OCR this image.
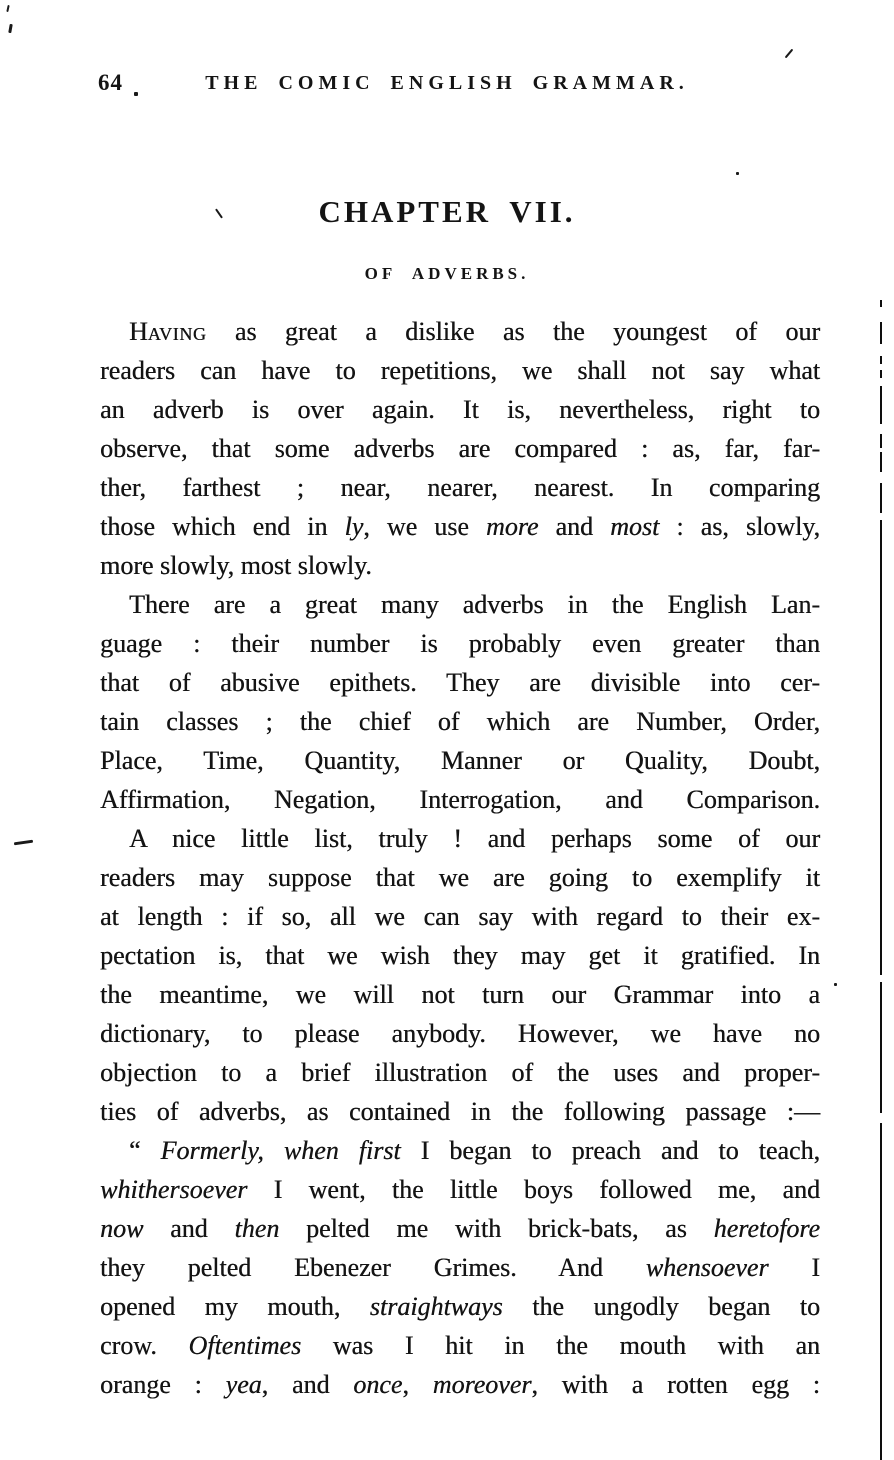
64	THE COMIC ENGLISH GRAMMAR.
CHAPTER VII.
OF ADVERBS.
Having as great a dislike as the youngest of our
readers can have to repetitions, we shall not say what
an adverb is over again. It is, nevertheless, right to
observe, that some adverbs are compared : as, far, far-
ther, farthest ; near, nearer, nearest. In comparing
those which end in ly, we use more and most : as, slowly,
more slowly, most slowly.
There are a great many adverbs in the English Lan-
guage : their number is probably even greater than
that of abusive epithets. They are divisible into cer-
tain classes ; the chief of which are Number, Order,
Place, Time, Quantity, Manner or Quality, Doubt,
Affirmation, Negation, Interrogation, and Comparison.
A nice little list, truly ! and perhaps some of our
readers may suppose that we are going to exemplify it
at length : if so, all we can say with regard to their ex-
pectation is, that we wish they may get it gratified. In
the meantime, we will not turn our Grammar into a
dictionary, to please anybody. However, we have no
objection to a brief illustration of the uses and proper-
ties of adverbs, as contained in the following passage :—
“ Formerly, when first I began to preach and to teach,
whithersoever I went, the little boys followed me, and
now and then pelted me with brick-bats, as heretofore
they pelted Ebenezer Grimes. And whensoever I
opened my mouth, straightways the ungodly began to
crow. Oftentimes was I hit in the mouth with an
orange : yea, and once, moreover, with a rotten egg :
